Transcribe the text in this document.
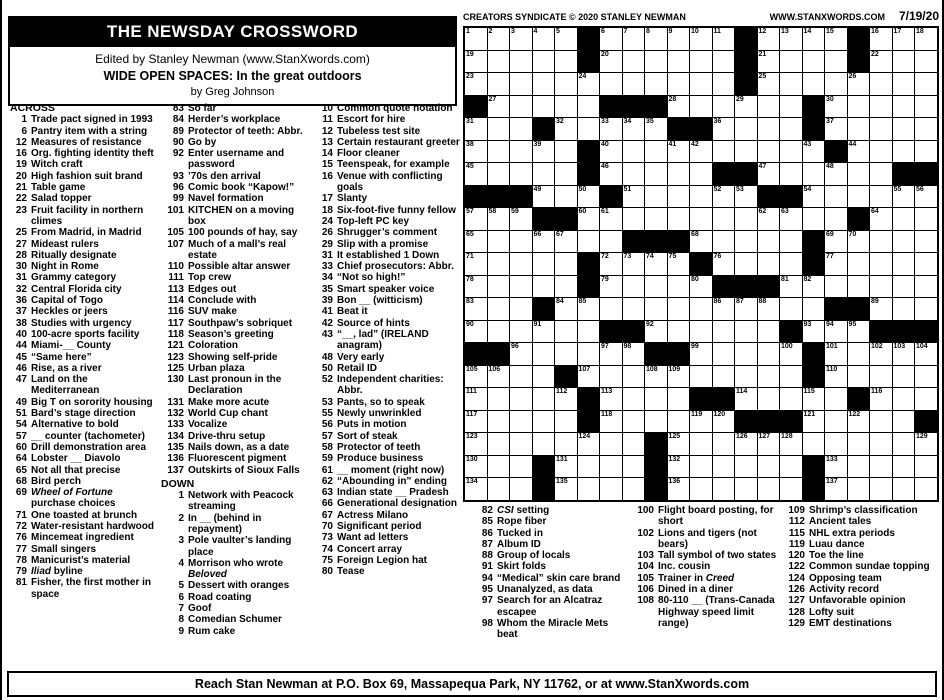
THE NEWSDAY CROSSWORD
Edited by Stanley Newman (www.StanXwords.com)
WIDE OPEN SPACES: In the great outdoors
by Greg Johnson
CREATORS SYNDICATE © 2020 STANLEY NEWMAN	WWW.STANXWORDS.COM 7/19/20
1	2	3	4	5	6	7	8	9	10 11	12 13 14 15	16 17 18
19	20	21	22
23	24	25	26
27	28	29	30
31	32	33 34 35	36	37
38	39	40	41 42	43	44
45	46	47	48
49	50	51	52 53	54	55 56
57 58 59	60 61	62 63	64
65	66 67	68	69 70
71	72 73 74 75	76	77
78	79	80	81 82
83	84 85	86 87 88	89
90	91	92	93 94 95
96	97 98	99	100	101	102 103 104
105 106	107	108 109	110
111	112	113	114	115	116
117	118	119 120	121	122
123	124	125	126 127 128	129
130	131	132	133
134	135	136	137
ACROSS
1 Trade pact signed in 1993
6 Pantry item with a string
12 Measures of resistance
16 Org. fighting identity theft
19 Witch craft
20 High fashion suit brand
21 Table game
22 Salad topper
23 Fruit facility in northern climes
25 From Madrid, in Madrid
27 Mideast rulers
28 Ritually designate
30 Night in Rome
31 Grammy category
32 Central Florida city
36 Capital of Togo
37 Heckles or jeers
38 Studies with urgency
40 100-acre sports facility
44 Miami-__ County
45 “Same here”
46 Rise, as a river
47 Land on the Mediterranean
49 Big T on sorority housing
51 Bard’s stage direction
54 Alternative to bold
57 __ counter (tachometer)
60 Drill demonstration area
64 Lobster __ Diavolo
65 Not all that precise
68 Bird perch
69 Wheel of Fortune purchase choices
71 One toasted at brunch
72 Water-resistant hardwood
76 Mincemeat ingredient
77 Small singers
78 Manicurist’s material
79 Iliad byline
81 Fisher, the first mother in space
83 So far
84 Herder’s workplace
89 Protector of teeth: Abbr.
90 Go by
92 Enter username and password
93 ’70s den arrival
96 Comic book “Kapow!”
99 Navel formation
101 KITCHEN on a moving box
105 100 pounds of hay, say
107 Much of a mall’s real estate
110 Possible altar answer
111 Top crew
113 Edges out
114 Conclude with
116 SUV make
117 Southpaw’s sobriquet
118 Season’s greeting
121 Coloration
123 Showing self-pride
125 Urban plaza
130 Last pronoun in the Declaration
131 Make more acute
132 World Cup chant
133 Vocalize
134 Drive-thru setup
135 Nails down, as a date
136 Fluorescent pigment
137 Outskirts of Sioux Falls
DOWN
1 Network with Peacock streaming
2 In __ (behind in repayment)
3 Pole vaulter’s landing place
4 Morrison who wrote Beloved
5 Dessert with oranges
6 Road coating
7 Goof
8 Comedian Schumer
9 Rum cake
10 Common quote notation
11 Escort for hire
12 Tubeless test site
13 Certain restaurant greeter
14 Floor cleaner
15 Teenspeak, for example
16 Venue with conflicting goals
17 Slanty
18 Six-foot-five funny fellow
24 Top-left PC key
26 Shrugger’s comment
29 Slip with a promise
31 It established 1 Down
33 Chief prosecutors: Abbr.
34 “Not so high!”
35 Smart speaker voice
39 Bon __ (witticism)
41 Beat it
42 Source of hints
43 “__, lad” (IRELAND anagram)
48 Very early
50 Retail ID
52 Independent charities: Abbr.
53 Pants, so to speak
55 Newly unwrinkled
56 Puts in motion
57 Sort of steak
58 Protector of teeth
59 Produce business
61 __ moment (right now)
62 “Abounding in” ending
63 Indian state __ Pradesh
66 Generational designation
67 Actress Milano
70 Significant period
73 Want ad letters
74 Concert array
75 Foreign Legion hat
80 Tease
82 CSI setting
85 Rope fiber
86 Tucked in
87 Album ID
88 Group of locals
91 Skirt folds
94 “Medical” skin care brand
95 Unanalyzed, as data
97 Search for an Alcatraz escapee
98 Whom the Miracle Mets beat
100 Flight board posting, for short
102 Lions and tigers (not bears)
103 Tall symbol of two states
104 Inc. cousin
105 Trainer in Creed
106 Dined in a diner
108 80-110 __ (Trans-Canada Highway speed limit range)
109 Shrimp’s classification
112 Ancient tales
115 NHL extra periods
119 Luau dance
120 Toe the line
122 Common sundae topping
124 Opposing team
126 Activity record
127 Unfavorable opinion
128 Lofty suit
129 EMT destinations
Reach Stan Newman at P.O. Box 69, Massapequa Park, NY 11762, or at www.StanXwords.com
